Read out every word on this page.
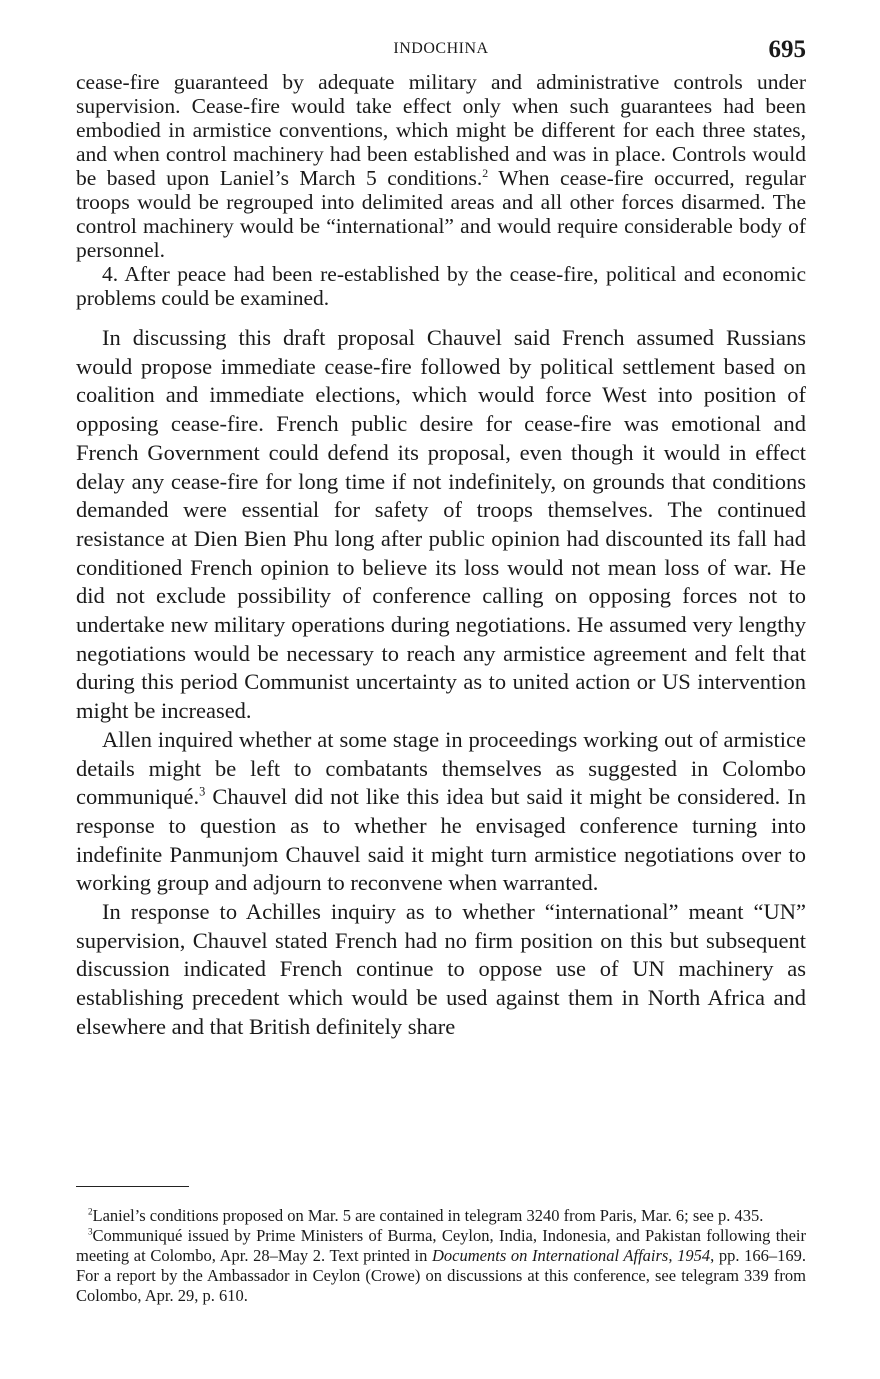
INDOCHINA	695

cease-fire guaranteed by adequate military and administrative controls under supervision. Cease-fire would take effect only when such guarantees had been embodied in armistice conventions, which might be different for each three states, and when control machinery had been established and was in place. Controls would be based upon Laniel’s March 5 conditions.$^2$ When cease-fire occurred, regular troops would be regrouped into delimited areas and all other forces disarmed. The control machinery would be “international” and would require considerable body of personnel.

4. After peace had been re-established by the cease-fire, political and economic problems could be examined.

In discussing this draft proposal Chauvel said French assumed Russians would propose immediate cease-fire followed by political settlement based on coalition and immediate elections, which would force West into position of opposing cease-fire. French public desire for cease-fire was emotional and French Government could defend its proposal, even though it would in effect delay any cease-fire for long time if not indefinitely, on grounds that conditions demanded were essential for safety of troops themselves. The continued resistance at Dien Bien Phu long after public opinion had discounted its fall had conditioned French opinion to believe its loss would not mean loss of war. He did not exclude possibility of conference calling on opposing forces not to undertake new military operations during negotiations. He assumed very lengthy negotiations would be necessary to reach any armistice agreement and felt that during this period Communist uncertainty as to united action or US intervention might be increased.

Allen inquired whether at some stage in proceedings working out of armistice details might be left to combatants themselves as suggested in Colombo communiqué.$^3$ Chauvel did not like this idea but said it might be considered. In response to question as to whether he envisaged conference turning into indefinite Panmunjom Chauvel said it might turn armistice negotiations over to working group and adjourn to reconvene when warranted.

In response to Achilles inquiry as to whether “international” meant “UN” supervision, Chauvel stated French had no firm position on this but subsequent discussion indicated French continue to oppose use of UN machinery as establishing precedent which would be used against them in North Africa and elsewhere and that British definitely share

$^2$Laniel’s conditions proposed on Mar. 5 are contained in telegram 3240 from Paris, Mar. 6; see p. 435.

$^3$Communiqué issued by Prime Ministers of Burma, Ceylon, India, Indonesia, and Pakistan following their meeting at Colombo, Apr. 28–May 2. Text printed in Documents on International Affairs, 1954, pp. 166–169. For a report by the Ambassador in Ceylon (Crowe) on discussions at this conference, see telegram 339 from Colombo, Apr. 29, p. 610.
